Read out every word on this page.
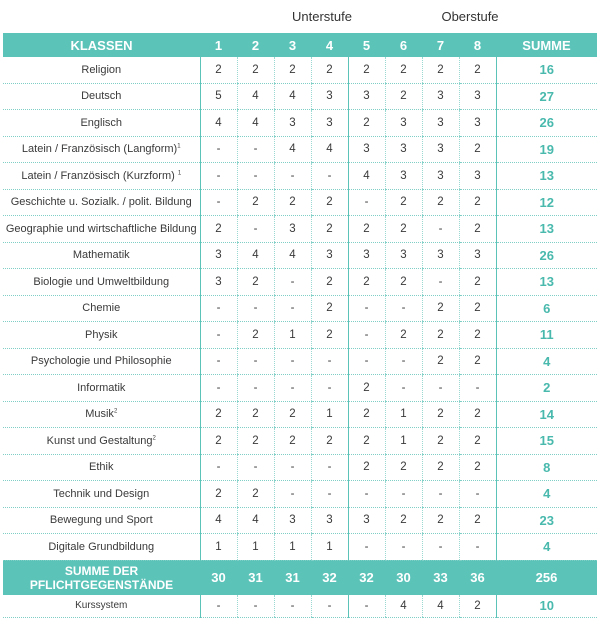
Unterstufe	Oberstufe
KLASSEN	1	2	3	4	5	6	7	8	SUMME
Religion	2	2	2	2	2	2	2	2	16
Deutsch	5	4	4	3	3	2	3	3	27
Englisch	4	4	3	3	2	3	3	3	26
Latein / Französisch (Langform)$^1$	-	-	4	4	3	3	3	2	19
Latein / Französisch (Kurzform) $^1$	-	-	-	-	4	3	3	3	13
Geschichte u. Sozialk. / polit. Bildung	-	2	2	2	-	2	2	2	12
Geographie und wirtschaftliche Bildung	2	-	3	2	2	2	-	2	13
Mathematik	3	4	4	3	3	3	3	3	26
Biologie und Umweltbildung	3	2	-	2	2	2	-	2	13
Chemie	-	-	-	2	-	-	2	2	6
Physik	-	2	1	2	-	2	2	2	11
Psychologie und Philosophie	-	-	-	-	-	-	2	2	4
Informatik	-	-	-	-	2	-	-	-	2
Musik$^2$	2	2	2	1	2	1	2	2	14
Kunst und Gestaltung$^2$	2	2	2	2	2	1	2	2	15
Ethik	-	-	-	-	2	2	2	2	8
Technik und Design	2	2	-	-	-	-	-	-	4
Bewegung und Sport	4	4	3	3	3	2	2	2	23
Digitale Grundbildung	1	1	1	1	-	-	-	-	4

SUMME DER
PFLICHTGEGENSTÄNDE	30	31	31	32	32	30	33	36	256
Kurssystem	-	-	-	-	-	4	4	2	10
